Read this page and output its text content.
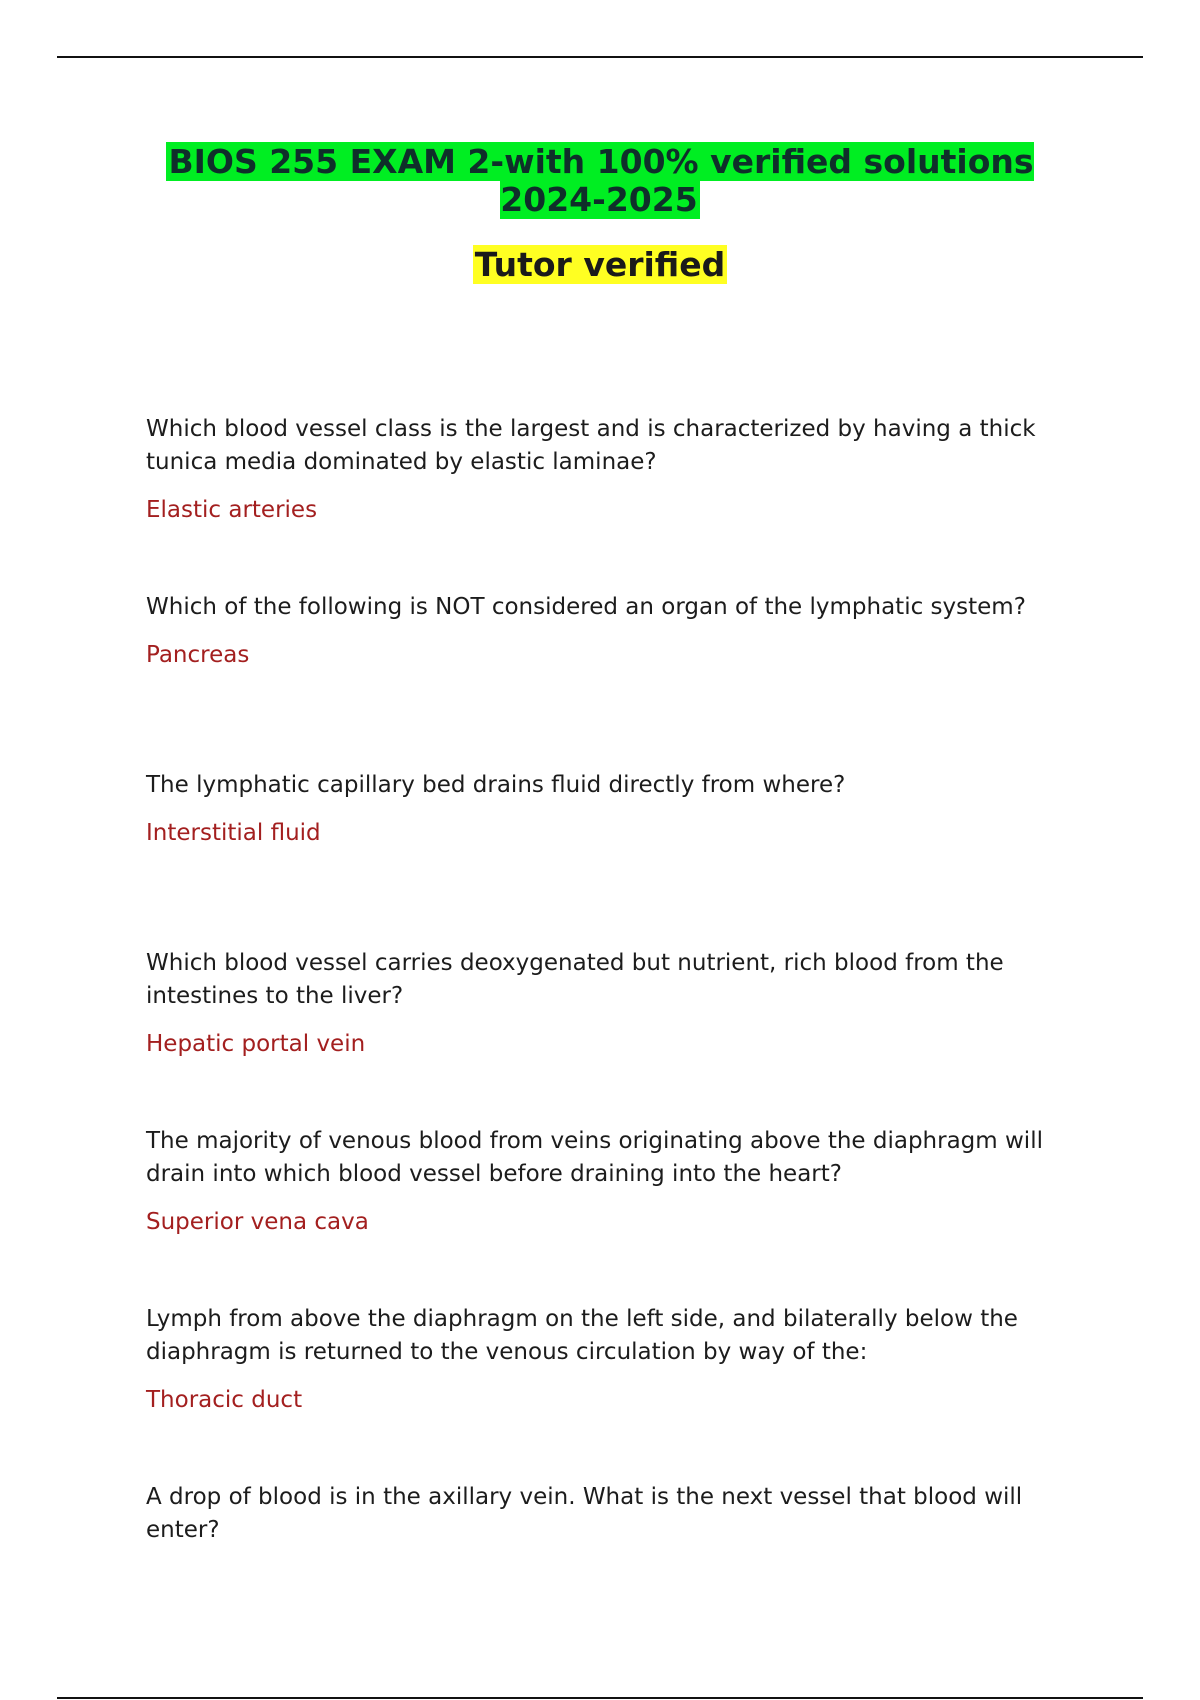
BIOS 255 EXAM 2-with 100% verified solutions 2024-2025
Tutor verified
Which blood vessel class is the largest and is characterized by having a thick tunica media dominated by elastic laminae?
Elastic arteries
Which of the following is NOT considered an organ of the lymphatic system?
Pancreas
The lymphatic capillary bed drains fluid directly from where?
Interstitial fluid
Which blood vessel carries deoxygenated but nutrient, rich blood from the intestines to the liver?
Hepatic portal vein
The majority of venous blood from veins originating above the diaphragm will drain into which blood vessel before draining into the heart?
Superior vena cava
Lymph from above the diaphragm on the left side, and bilaterally below the diaphragm is returned to the venous circulation by way of the:
Thoracic duct
A drop of blood is in the axillary vein. What is the next vessel that blood will enter?
